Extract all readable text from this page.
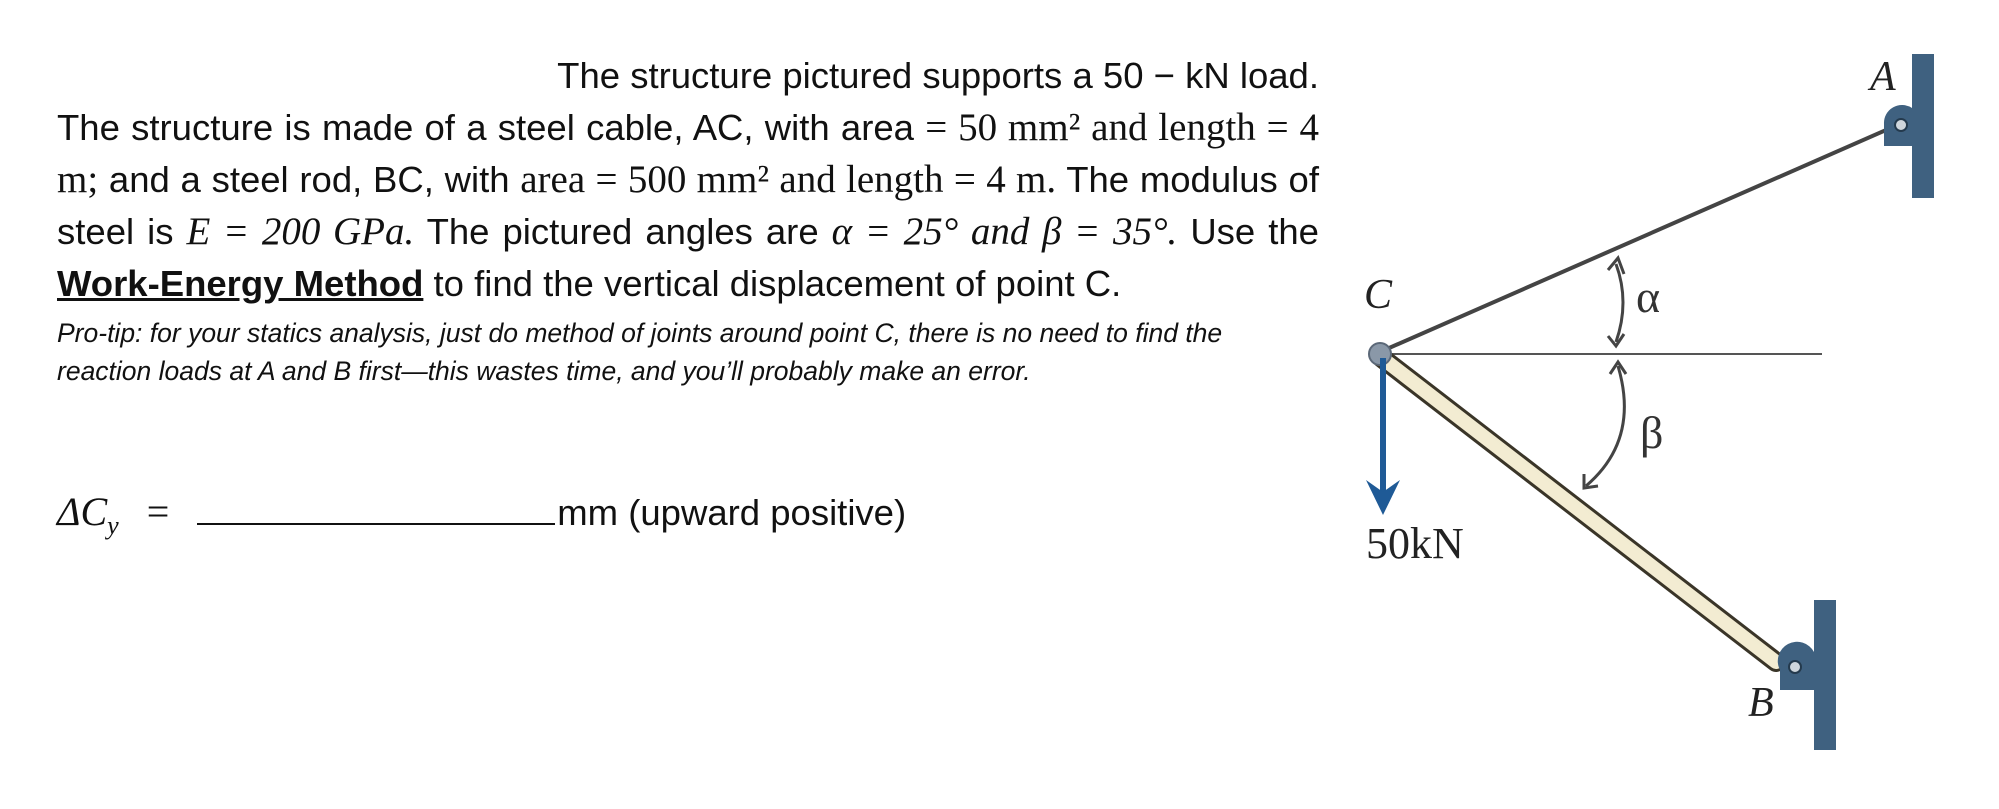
The structure pictured supports a 50 − kN load.
The structure is made of a steel cable, AC, with area = 50 mm² and length = 4 m; and a steel rod, BC, with area = 500 mm² and length = 4 m. The modulus of steel is E = 200 GPa. The pictured angles are α = 25° and β = 35°. Use the Work-Energy Method to find the vertical displacement of point C.
Pro-tip: for your statics analysis, just do method of joints around point C, there is no need to find the reaction loads at A and B first—this wastes time, and you’ll probably make an error.
$\Delta C_y$ =	mm (upward positive)
A
B
C	α
β
50kN
